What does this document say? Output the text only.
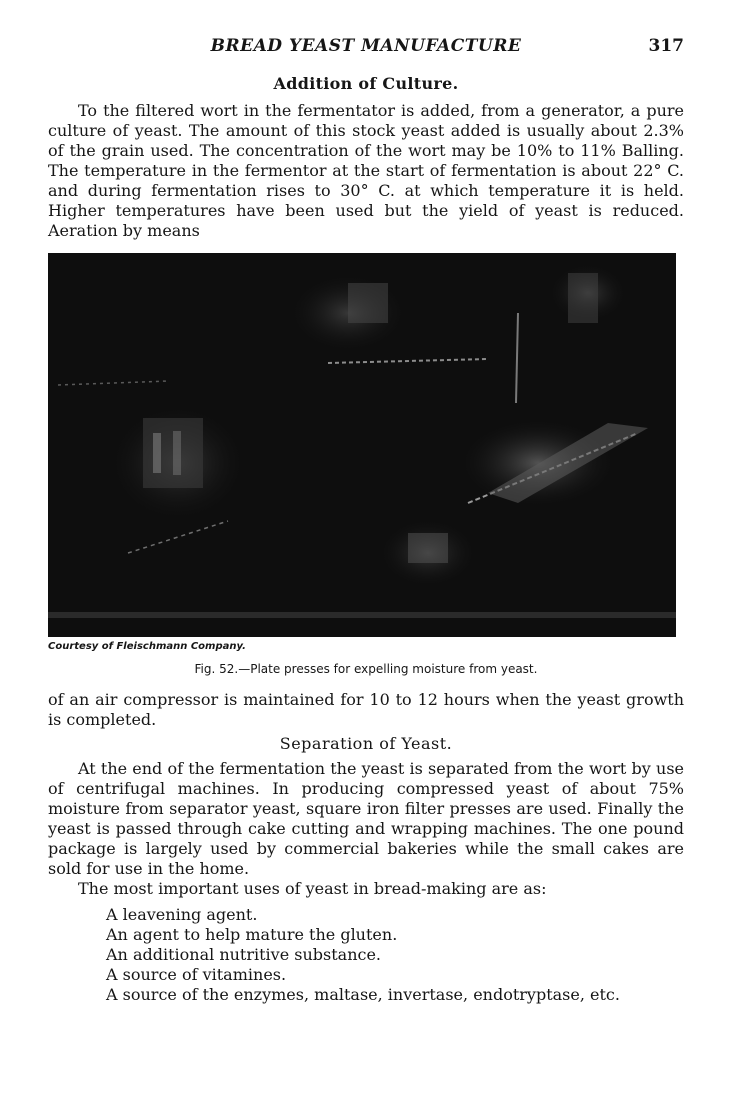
BREAD YEAST MANUFACTURE	317
Addition of Culture.

To the filtered wort in the fermentator is added, from a generator, a pure culture of yeast. The amount of this stock yeast added is usually about 2.3% of the grain used. The concentration of the wort may be 10% to 11% Balling. The temperature in the fermentor at the start of fermentation is about 22° C. and during fermentation rises to 30° C. at which temperature it is held. Higher temperatures have been used but the yield of yeast is reduced. Aeration by means

Courtesy of Fleischmann Company.
Fig. 52.—Plate presses for expelling moisture from yeast.

of an air compressor is maintained for 10 to 12 hours when the yeast growth is completed.

Separation of Yeast.

At the end of the fermentation the yeast is separated from the wort by use of centrifugal machines. In producing compressed yeast of about 75% moisture from separator yeast, square iron filter presses are used. Finally the yeast is passed through cake cutting and wrapping machines. The one pound package is largely used by commercial bakeries while the small cakes are sold for use in the home.

The most important uses of yeast in bread-making are as:

A leavening agent.
An agent to help mature the gluten.
An additional nutritive substance.
A source of vitamines.
A source of the enzymes, maltase, invertase, endotryptase, etc.
